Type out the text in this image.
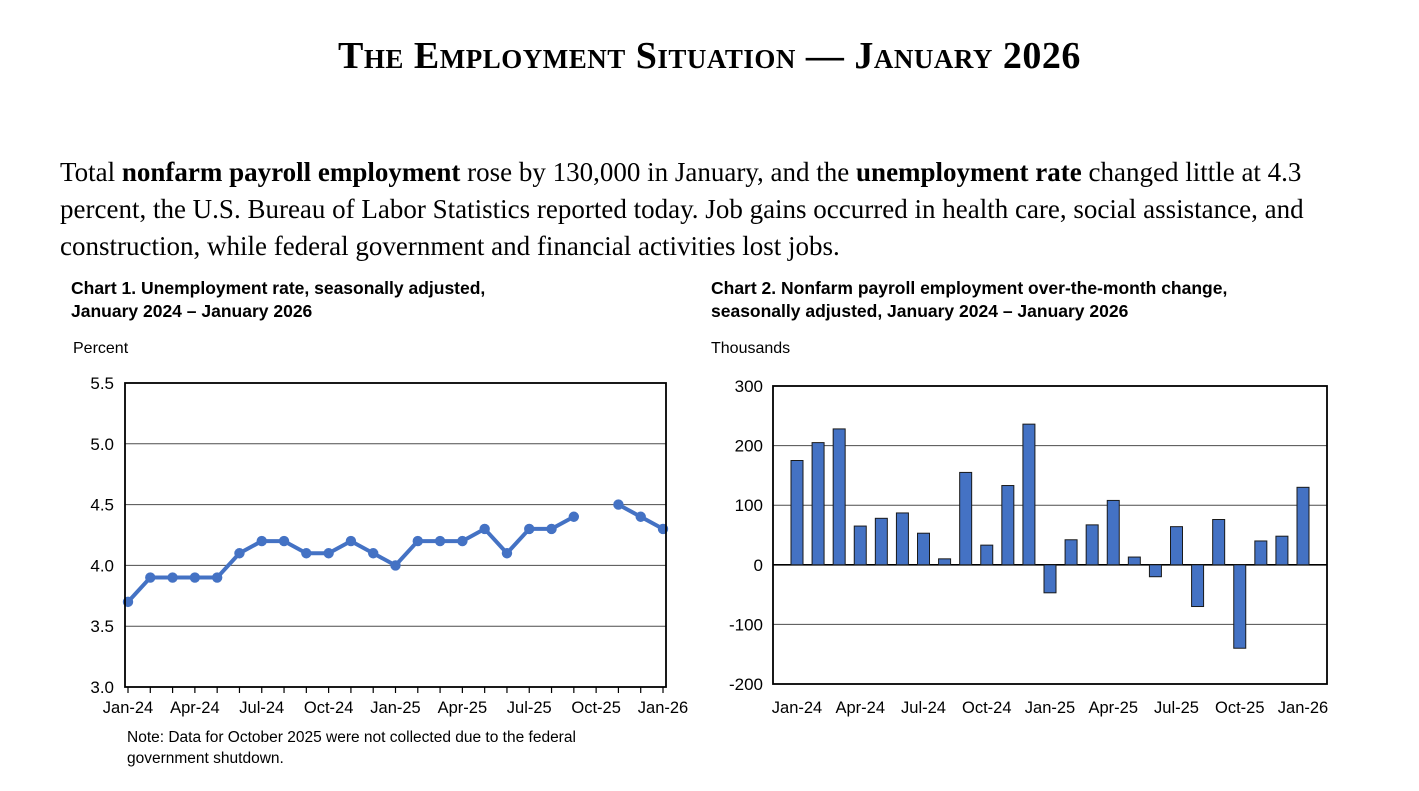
The Employment Situation — January 2026

Total nonfarm payroll employment rose by 130,000 in January, and the unemployment rate changed little at 4.3 percent, the U.S. Bureau of Labor Statistics reported today. Job gains occurred in health care, social assistance, and construction, while federal government and financial activities lost jobs.

Chart 1. Unemployment rate, seasonally adjusted,
January 2024 – January 2026
Percent
3.0
3.5
4.0
4.5
5.0
5.5
Jan-24 Apr-24 Jul-24 Oct-24 Jan-25 Apr-25 Jul-25 Oct-25 Jan-26
Note: Data for October 2025 were not collected due to the federal
government shutdown.
Chart 2. Nonfarm payroll employment over-the-month change,
seasonally adjusted, January 2024 – January 2026
Thousands
-200
-100
0
100
200
300
Jan-24 Apr-24 Jul-24 Oct-24 Jan-25 Apr-25 Jul-25 Oct-25 Jan-26
